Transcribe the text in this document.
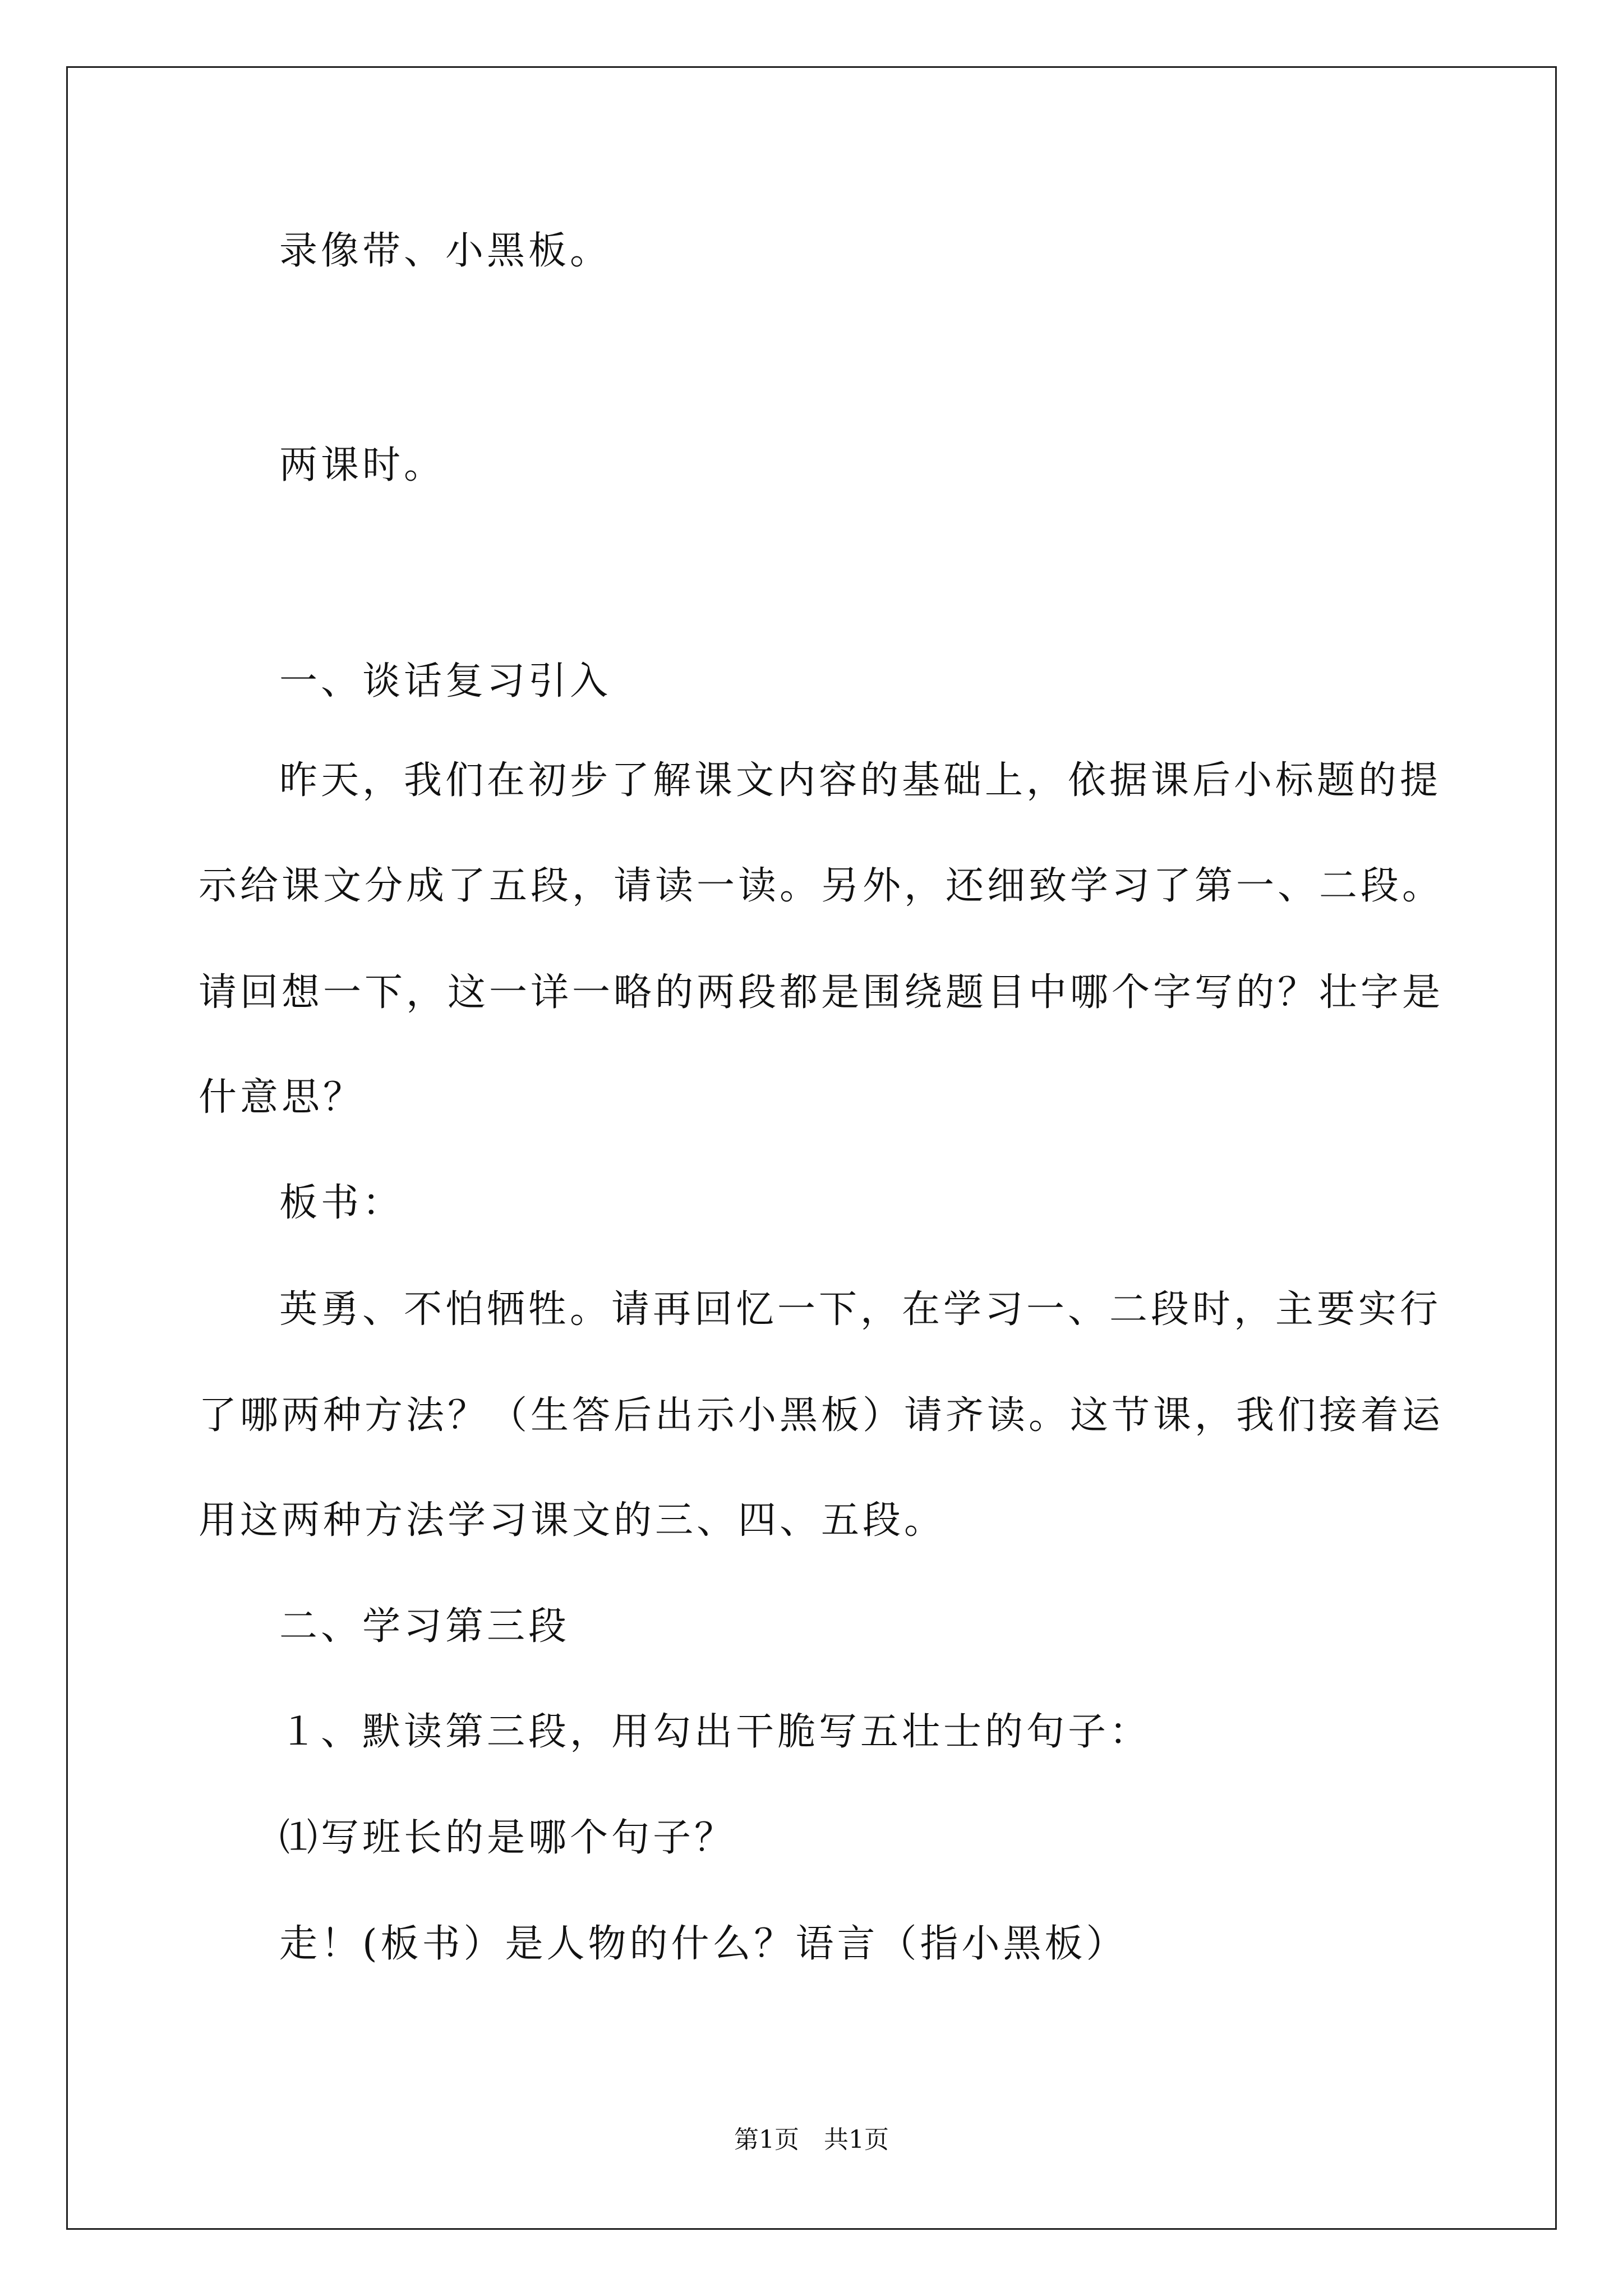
录像带、小黑板。

两课时。

一、谈话复习引入

昨天，我们在初步了解课文内容的基础上，依据课后小标题的提

示给课文分成了五段，请读一读。另外，还细致学习了第一、二段。

请回想一下，这一详一略的两段都是围绕题目中哪个字写的？壮字是

什意思？

板书：

英勇、不怕牺牲。请再回忆一下，在学习一、二段时，主要实行

了哪两种方法？（生答后出示小黑板）请齐读。这节课，我们接着运

用这两种方法学习课文的三、四、五段。

二、学习第三段

１、默读第三段，用勾出干脆写五壮士的句子：

⑴写班长的是哪个句子？

走！(板书）是人物的什么？语言（指小黑板）

第1页　共1页
